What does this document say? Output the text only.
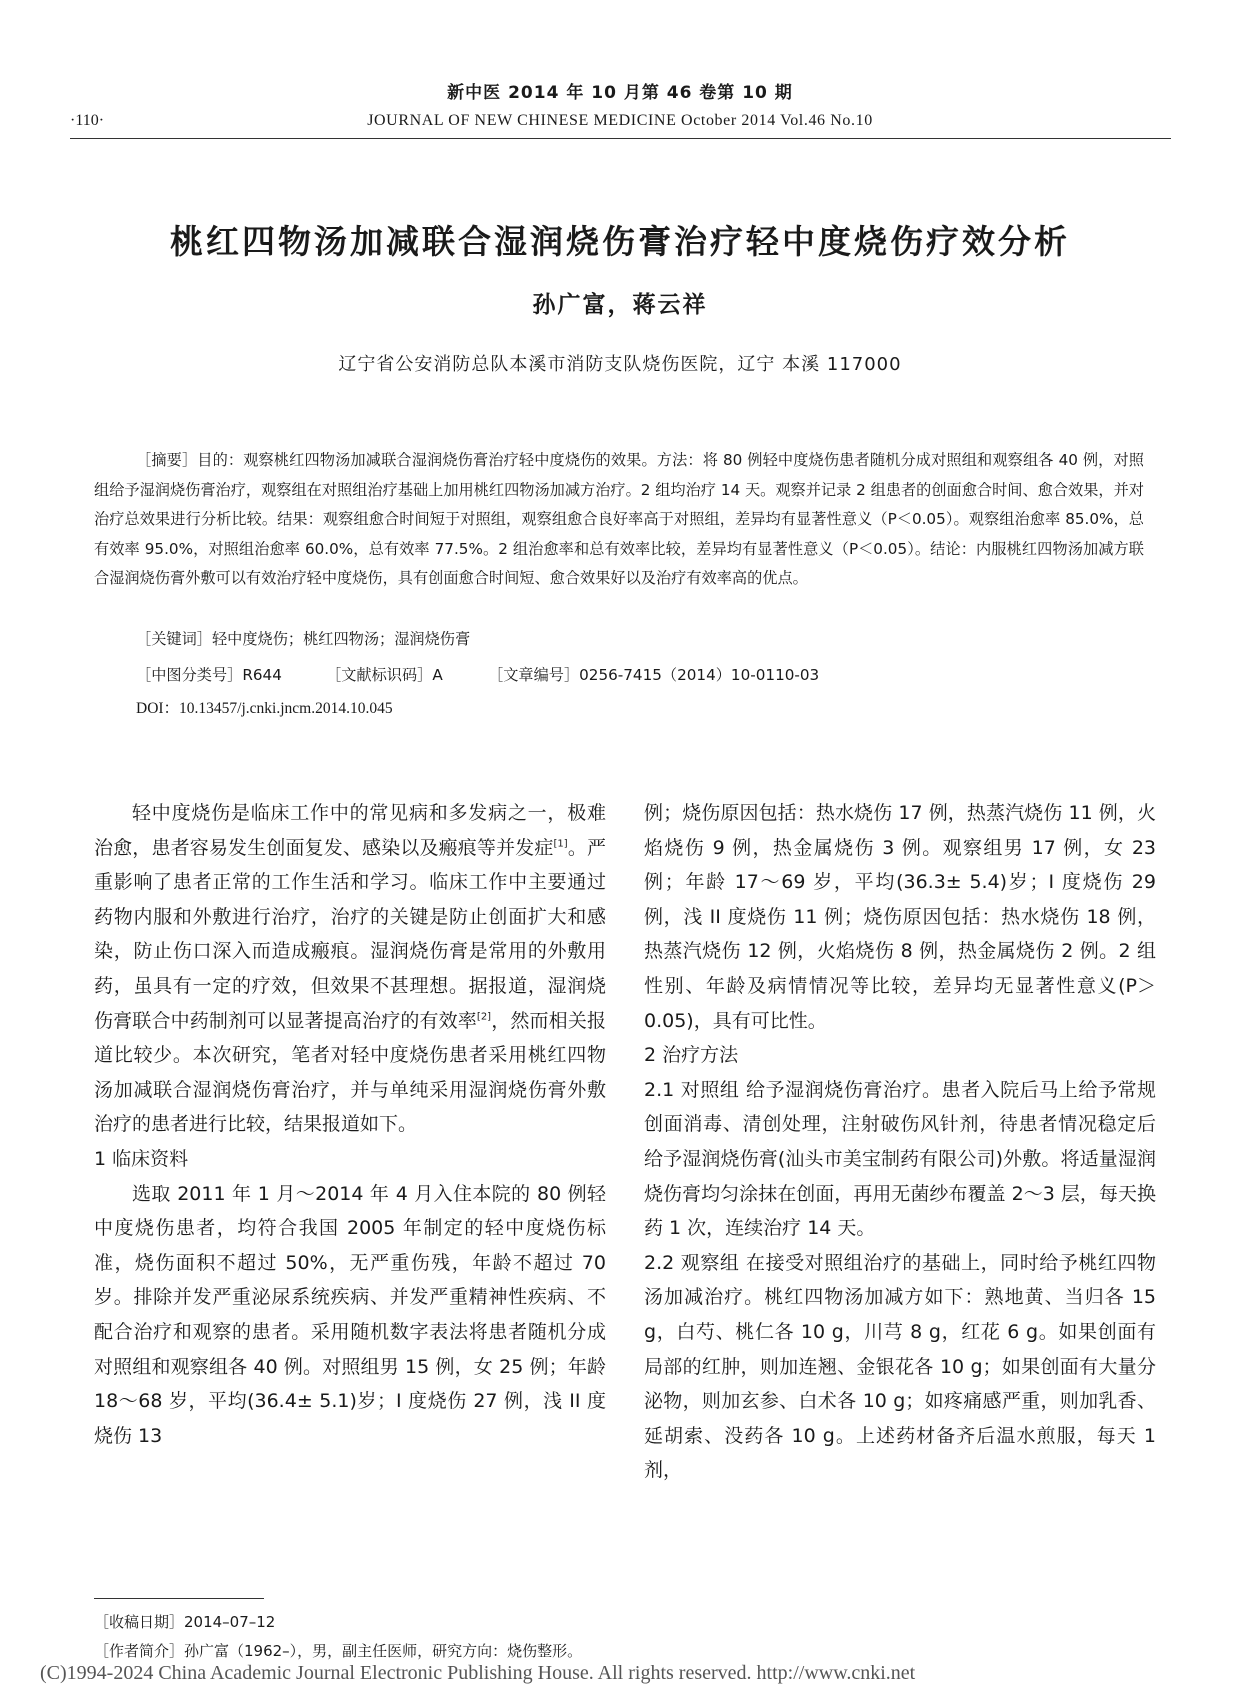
新中医 2014 年 10 月第 46 卷第 10 期
·110·	JOURNAL OF NEW CHINESE MEDICINE October 2014 Vol.46 No.10
桃红四物汤加减联合湿润烧伤膏治疗轻中度烧伤疗效分析
孙广富，蒋云祥
辽宁省公安消防总队本溪市消防支队烧伤医院，辽宁 本溪 117000

［摘要］目的：观察桃红四物汤加减联合湿润烧伤膏治疗轻中度烧伤的效果。方法：将 80 例轻中度烧伤患者随机分成对照组和观察组各 40 例，对照组给予湿润烧伤膏治疗，观察组在对照组治疗基础上加用桃红四物汤加减方治疗。2 组均治疗 14 天。观察并记录 2 组患者的创面愈合时间、愈合效果，并对治疗总效果进行分析比较。结果：观察组愈合时间短于对照组，观察组愈合良好率高于对照组，差异均有显著性意义（P＜0.05）。观察组治愈率 85.0%，总有效率 95.0%，对照组治愈率 60.0%，总有效率 77.5%。2 组治愈率和总有效率比较，差异均有显著性意义（P＜0.05）。结论：内服桃红四物汤加减方联合湿润烧伤膏外敷可以有效治疗轻中度烧伤，具有创面愈合时间短、愈合效果好以及治疗有效率高的优点。

［关键词］轻中度烧伤；桃红四物汤；湿润烧伤膏
［中图分类号］R644	［文献标识码］A	［文章编号］0256-7415（2014）10-0110-03
DOI：10.13457/j.cnki.jncm.2014.10.045

轻中度烧伤是临床工作中的常见病和多发病之一，极难治愈，患者容易发生创面复发、感染以及瘢痕等并发症[1]。严重影响了患者正常的工作生活和学习。临床工作中主要通过药物内服和外敷进行治疗，治疗的关键是防止创面扩大和感染，防止伤口深入而造成瘢痕。湿润烧伤膏是常用的外敷用药，虽具有一定的疗效，但效果不甚理想。据报道，湿润烧伤膏联合中药制剂可以显著提高治疗的有效率[2]，然而相关报道比较少。本次研究，笔者对轻中度烧伤患者采用桃红四物汤加减联合湿润烧伤膏治疗，并与单纯采用湿润烧伤膏外敷治疗的患者进行比较，结果报道如下。

1 临床资料

选取 2011 年 1 月～2014 年 4 月入住本院的 80 例轻中度烧伤患者，均符合我国 2005 年制定的轻中度烧伤标准，烧伤面积不超过 50%，无严重伤残，年龄不超过 70 岁。排除并发严重泌尿系统疾病、并发严重精神性疾病、不配合治疗和观察的患者。采用随机数字表法将患者随机分成对照组和观察组各 40 例。对照组男 15 例，女 25 例；年龄 18～68 岁，平均(36.4± 5.1)岁；I 度烧伤 27 例，浅 II 度烧伤 13

例；烧伤原因包括：热水烧伤 17 例，热蒸汽烧伤 11 例，火焰烧伤 9 例，热金属烧伤 3 例。观察组男 17 例，女 23 例；年龄 17～69 岁，平均(36.3± 5.4)岁；I 度烧伤 29 例，浅 II 度烧伤 11 例；烧伤原因包括：热水烧伤 18 例，热蒸汽烧伤 12 例，火焰烧伤 8 例，热金属烧伤 2 例。2 组性别、年龄及病情情况等比较，差异均无显著性意义(P＞ 0.05)，具有可比性。

2 治疗方法

2.1 对照组 给予湿润烧伤膏治疗。患者入院后马上给予常规创面消毒、清创处理，注射破伤风针剂，待患者情况稳定后给予湿润烧伤膏(汕头市美宝制药有限公司)外敷。将适量湿润烧伤膏均匀涂抹在创面，再用无菌纱布覆盖 2～3 层，每天换药 1 次，连续治疗 14 天。

2.2 观察组 在接受对照组治疗的基础上，同时给予桃红四物汤加减治疗。桃红四物汤加减方如下：熟地黄、当归各 15 g，白芍、桃仁各 10 g，川芎 8 g，红花 6 g。如果创面有局部的红肿，则加连翘、金银花各 10 g；如果创面有大量分泌物，则加玄参、白术各 10 g；如疼痛感严重，则加乳香、延胡索、没药各 10 g。上述药材备齐后温水煎服，每天 1 剂，

［收稿日期］2014–07–12
［作者简介］孙广富（1962–），男，副主任医师，研究方向：烧伤整形。
(C)1994-2024 China Academic Journal Electronic Publishing House. All rights reserved. http://www.cnki.net
